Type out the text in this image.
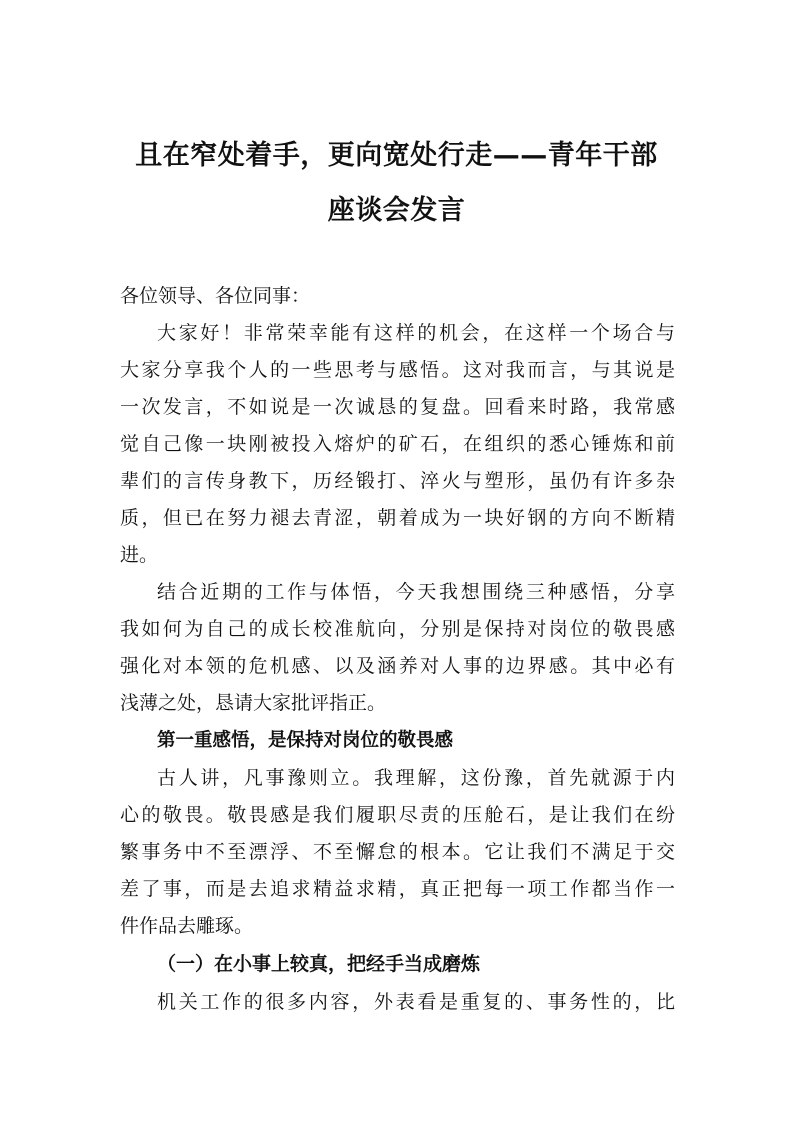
且在窄处着手，更向宽处行走——青年干部
座谈会发言
各位领导、各位同事：
大家好！非常荣幸能有这样的机会，在这样一个场合与
大家分享我个人的一些思考与感悟。这对我而言，与其说是
一次发言，不如说是一次诚恳的复盘。回看来时路，我常感
觉自己像一块刚被投入熔炉的矿石，在组织的悉心锤炼和前
辈们的言传身教下，历经锻打、淬火与塑形，虽仍有许多杂
质，但已在努力褪去青涩，朝着成为一块好钢的方向不断精
进。
结合近期的工作与体悟，今天我想围绕三种感悟，分享
我如何为自己的成长校准航向，分别是保持对岗位的敬畏感
强化对本领的危机感、以及涵养对人事的边界感。其中必有
浅薄之处，恳请大家批评指正。
第一重感悟，是保持对岗位的敬畏感
古人讲，凡事豫则立。我理解，这份豫，首先就源于内
心的敬畏。敬畏感是我们履职尽责的压舱石，是让我们在纷
繁事务中不至漂浮、不至懈怠的根本。它让我们不满足于交
差了事，而是去追求精益求精，真正把每一项工作都当作一
件作品去雕琢。
（一）在小事上较真，把经手当成磨炼
机关工作的很多内容，外表看是重复的、事务性的，比
